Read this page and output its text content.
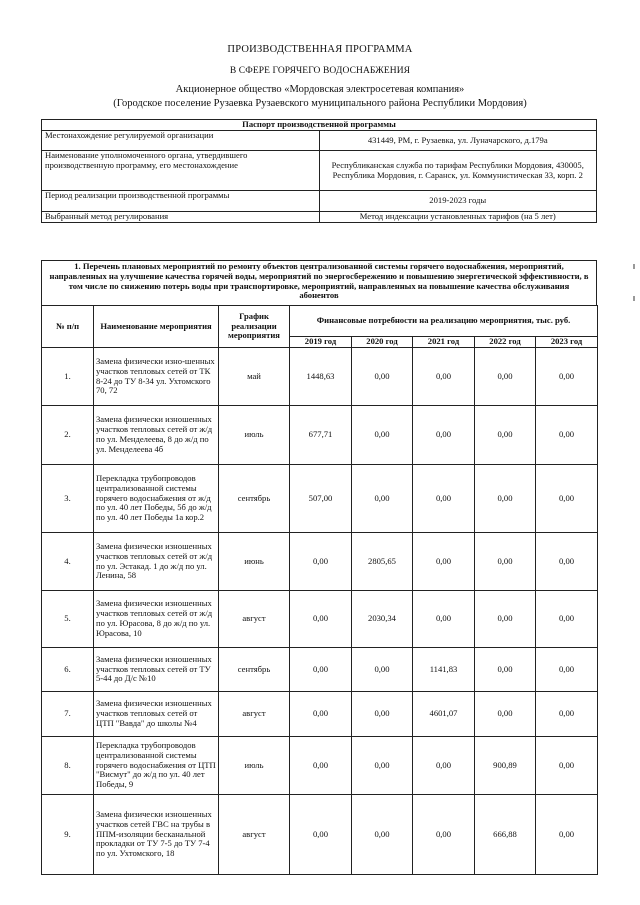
ПРОИЗВОДСТВЕННАЯ ПРОГРАММА
В СФЕРЕ ГОРЯЧЕГО ВОДОСНАБЖЕНИЯ
Акционерное общество «Мордовская электросетевая компания»
(Городское поселение Рузаевка Рузаевского муниципального района Республики Мордовия)
Паспорт производственной программы	
Местонахождение регулируемой организации	431449, РМ, г. Рузаевка, ул. Луначарского, д.179а
Наименование уполномоченного органа, утвердившего производственную программу, его местонахождение	Республиканская служба по тарифам Республики Мордовия, 430005, Республика Мордовия, г. Саранск, ул. Коммунистическая 33, корп. 2
Период реализации производственной программы	2019-2023 годы
Выбранный метод регулирования	Метод индексации установленных тарифов (на 5 лет)
1. Перечень плановых мероприятий по ремонту объектов централизованной системы горячего водоснабжения, мероприятий, направленных на улучшение качества горячей воды, мероприятий по энергосбережению и повышению энергетической эффективности, в том числе по снижению потерь воды при транспортировке, мероприятий, направленных на повышение качества обслуживания абонентов
№ п/п	Наименование мероприятия	График реализации мероприятия	Финансовые потребности на реализацию мероприятия, тыс. руб.				
			2019 год	2020 год	2021 год	2022 год	2023 год
1.	Замена физически изно-шенных участков тепловых сетей от ТК 8-24 до ТУ 8-34 ул. Ухтомского 70, 72	май	1448,63	0,00	0,00	0,00	0,00
2.	Замена физически изношенных участков тепловых сетей от ж/д по ул. Менделеева, 8 до ж/д по ул. Менделеева 4б	июль	677,71	0,00	0,00	0,00	0,00
3.	Перекладка трубопроводов централизованной системы горячего водоснабжения от ж/д по ул. 40 лет Победы, 5б до ж/д по ул. 40 лет Победы 1а кор.2	сентябрь	507,00	0,00	0,00	0,00	0,00
4.	Замена физически изношенных участков тепловых сетей от ж/д по ул. Эстакад. 1 до ж/д по ул. Ленина, 58	июнь	0,00	2805,65	0,00	0,00	0,00
5.	Замена физически изношенных участков тепловых сетей от ж/д по ул. Юрасова, 8 до ж/д по ул. Юрасова, 10	август	0,00	2030,34	0,00	0,00	0,00
6.	Замена физически изношенных участков тепловых сетей от ТУ 5-44 до Д/с №10	сентябрь	0,00	0,00	1141,83	0,00	0,00
7.	Замена физически изношенных участков тепловых сетей от ЦТП "Вавда" до школы №4	август	0,00	0,00	4601,07	0,00	0,00
8.	Перекладка трубопроводов централизованной системы горячего водоснабжения от ЦТП "Висмут" до ж/д по ул. 40 лет Победы, 9	июль	0,00	0,00	0,00	900,89	0,00
9.	Замена физически изношенных участков сетей ГВС на трубы в ППМ-изоляции бесканальной прокладки от ТУ 7-5 до ТУ 7-4 по ул. Ухтомского, 18	август	0,00	0,00	0,00	666,88	0,00
